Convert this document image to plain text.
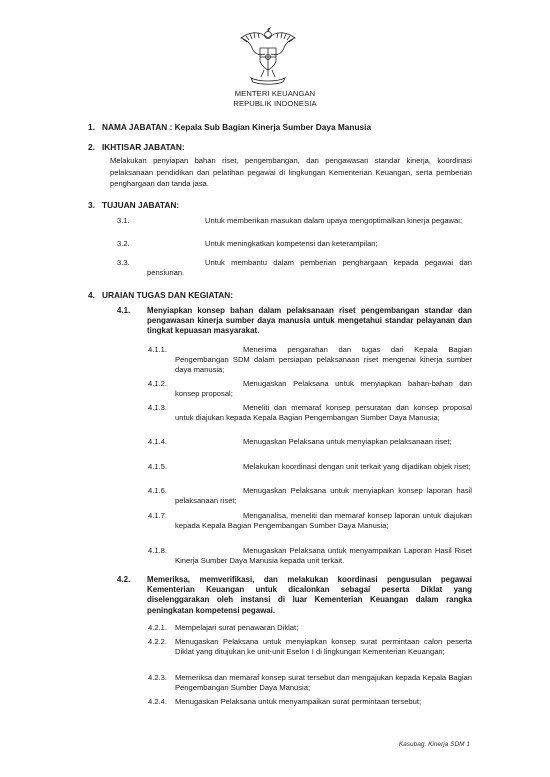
MENTERI KEUANGAN
REPUBLIK INDONESIA
1. NAMA JABATAN : Kepala Sub Bagian Kinerja Sumber Daya Manusia
2. IKHTISAR JABATAN:
Melakukan penyiapan bahan riset, pengembangan, dan pengawasan standar kinerja, koordinasi pelaksanaan pendidikan dan pelatihan pegawai di lingkungan Kementerian Keuangan, serta pemberian penghargaan dan tanda jasa.
3. TUJUAN JABATAN:
3.1.	Untuk memberikan masukan dalam upaya mengoptimalkan kinerja pegawai;
3.2.	Untuk meningkatkan kompetensi dan keterampilan;
3.3.	Untuk membantu dalam pemberian penghargaan kepada pegawai dan pensiunan.
4. URAIAN TUGAS DAN KEGIATAN:
4.1.	Menyiapkan konsep bahan dalam pelaksanaan riset pengembangan standar dan pengawasan kinerja sumber daya manusia untuk mengetahui standar pelayanan dan tingkat kepuasan masyarakat.
4.1.1.	Menerima pengarahan dan tugas dari Kepala Bagian Pengembangan SDM dalam persiapan pelaksanaan riset mengenai kinerja sumber daya manusia;
4.1.2.	Menugaskan Pelaksana untuk menyiapkan bahan-bahan dan konsep proposal;
4.1.3.	Meneliti dan memaraf konsep persuratan dan konsep proposal untuk diajukan kepada Kepala Bagian Pengembangan Sumber Daya Manusia;
4.1.4.	Menugaskan Pelaksana untuk menyiapkan pelaksanaan riset;
4.1.5.	Melakukan koordinasi dengan unit terkait yang dijadikan objek riset;
4.1.6.	Menugaskan Pelaksana untuk menyiapkan konsep laporan hasil pelaksanaan riset;
4.1.7.	Menganalisa, meneliti dan memaraf konsep laporan untuk diajukan kepada Kepala Bagian Pengembangan Sumber Daya Manusia;
4.1.8.	Menugaskan Pelaksana untuk menyampaikan Laporan Hasil Riset Kinerja Sumber Daya Manusia kepada unit terkait.
4.2.	Memeriksa, memverifikasi, dan melakukan koordinasi pengusulan pegawai Kementerian Keuangan untuk dicalonkan sebagai peserta Diklat yang diselenggarakan oleh instansi di luar Kementerian Keuangan dalam rangka peningkatan kompetensi pegawai.
4.2.1.	Mempelajari surat penawaran Diklat;
4.2.2.	Menugaskan Pelaksana untuk menyiapkan konsep surat permintaan calon peserta Diklat yang ditujukan ke unit-unit Eselon I di lingkungan Kementerian Keuangan;
4.2.3.	Memeriksa dan memaraf konsep surat tersebut dan mengajukan kepada Kepala Bagian Pengembangan Sumber Daya Manusia;
4.2.4.	Menugaskan Pelaksana untuk menyampaikan surat permintaan tersebut;
Kasubag. Kinerja SDM 1
